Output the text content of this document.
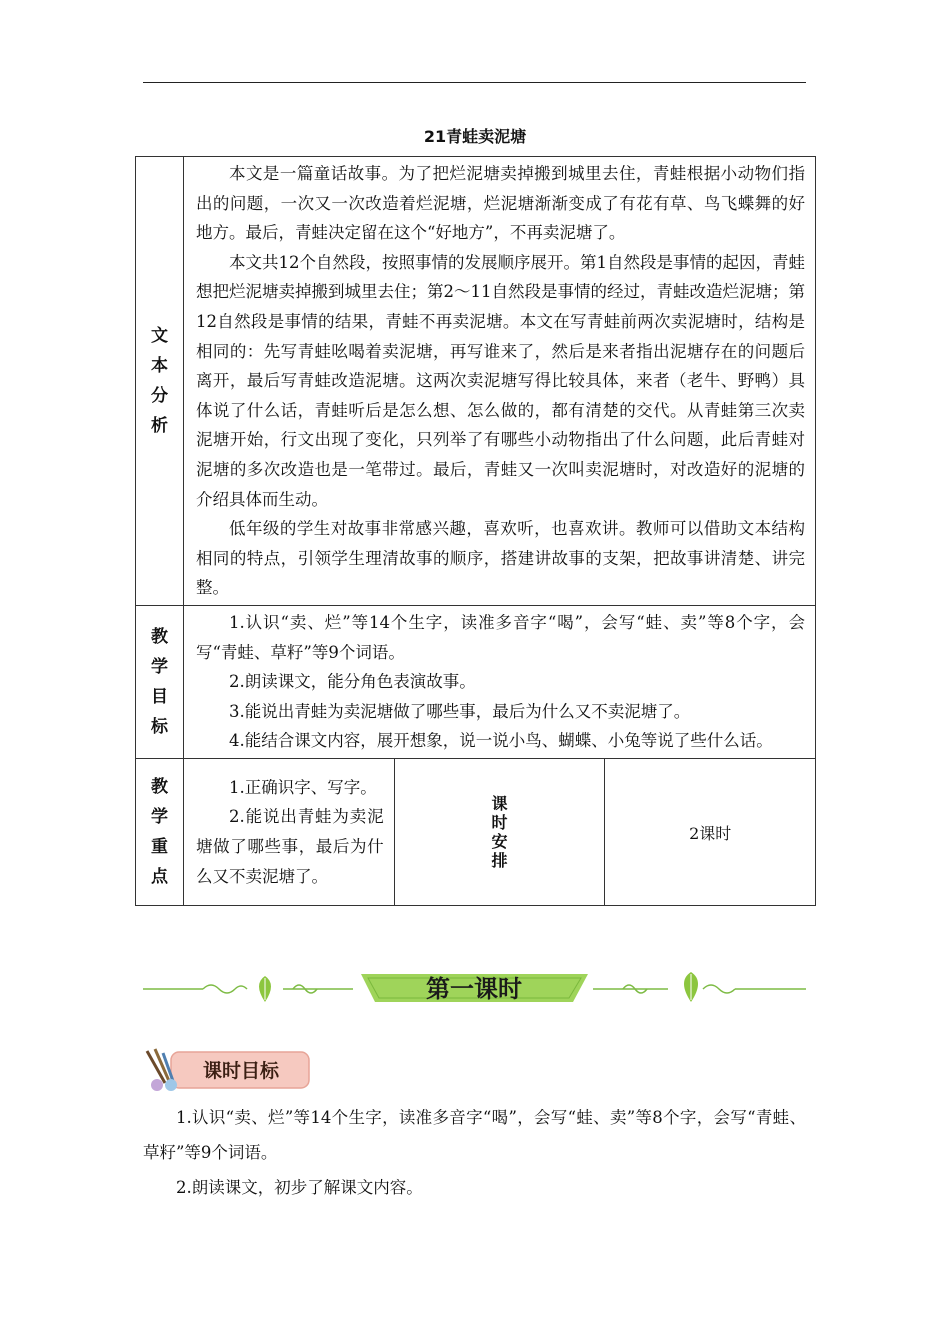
21青蛙卖泥塘
文本分析	本文是一篇童话故事。为了把烂泥塘卖掉搬到城里去住，青蛙根据小动物们指出的问题，一次又一次改造着烂泥塘，烂泥塘渐渐变成了有花有草、鸟飞蝶舞的好地方。最后，青蛙决定留在这个“好地方”，不再卖泥塘了。

本文共12个自然段，按照事情的发展顺序展开。第1自然段是事情的起因，青蛙想把烂泥塘卖掉搬到城里去住；第2～11自然段是事情的经过，青蛙改造烂泥塘；第12自然段是事情的结果，青蛙不再卖泥塘。本文在写青蛙前两次卖泥塘时，结构是相同的：先写青蛙吆喝着卖泥塘，再写谁来了，然后是来者指出泥塘存在的问题后离开，最后写青蛙改造泥塘。这两次卖泥塘写得比较具体，来者（老牛、野鸭）具体说了什么话，青蛙听后是怎么想、怎么做的，都有清楚的交代。从青蛙第三次卖泥塘开始，行文出现了变化，只列举了有哪些小动物指出了什么问题，此后青蛙对泥塘的多次改造也是一笔带过。最后，青蛙又一次叫卖泥塘时，对改造好的泥塘的介绍具体而生动。

低年级的学生对故事非常感兴趣，喜欢听，也喜欢讲。教师可以借助文本结构相同的特点，引领学生理清故事的顺序，搭建讲故事的支架，把故事讲清楚、讲完整。		

教学目标	1.认识“卖、烂”等14个生字，读准多音字“喝”，会写“蛙、卖”等8个字，会写“青蛙、草籽”等9个词语。

2.朗读课文，能分角色表演故事。

3.能说出青蛙为卖泥塘做了哪些事，最后为什么又不卖泥塘了。

4.能结合课文内容，展开想象，说一说小鸟、蝴蝶、小兔等说了些什么话。		

教学重点	1.正确识字、写字。

2.能说出青蛙为卖泥塘做了哪些事，最后为什么又不卖泥塘了。	课时安排	2课时
第一课时
课时目标

1.认识“卖、烂”等14个生字，读准多音字“喝”，会写“蛙、卖”等8个字，会写“青蛙、草籽”等9个词语。

2.朗读课文，初步了解课文内容。
